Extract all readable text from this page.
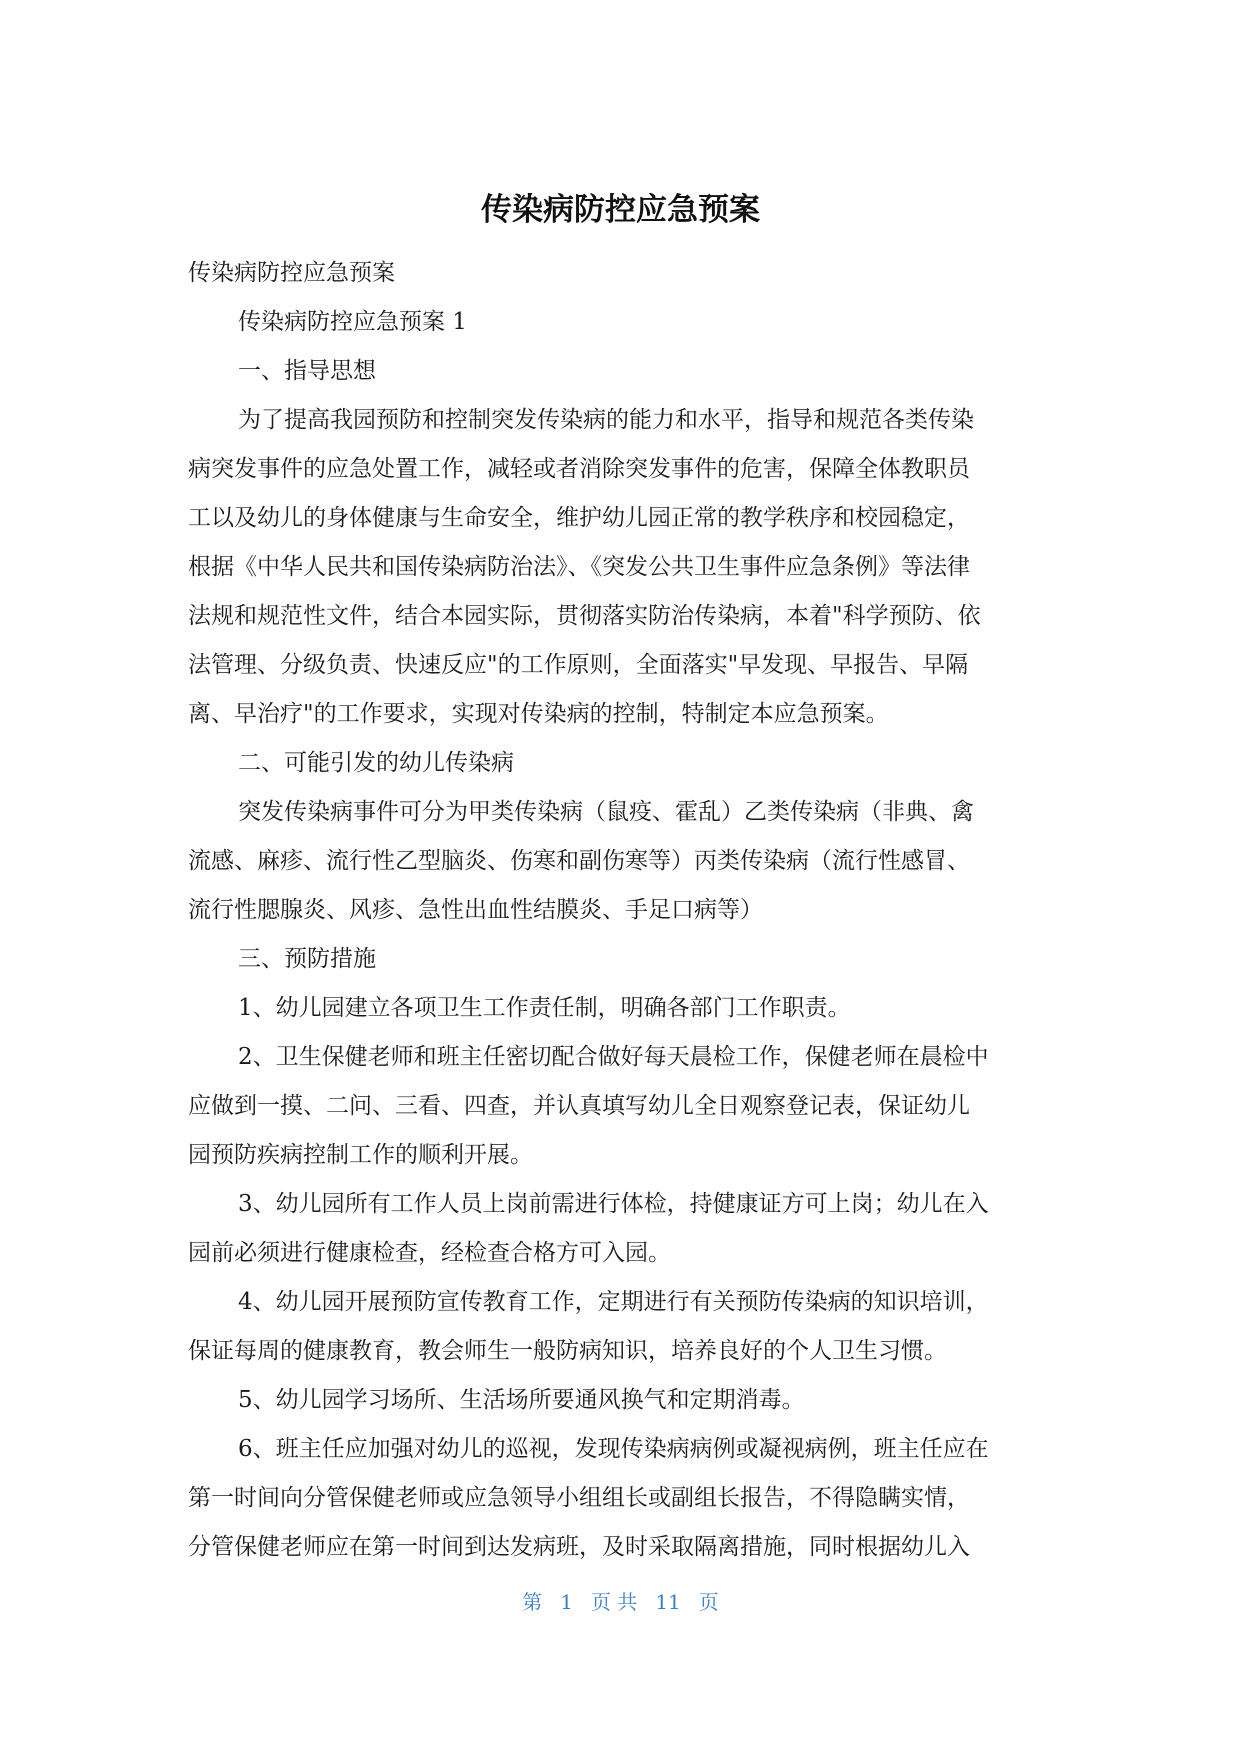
传染病防控应急预案

传染病防控应急预案

传染病防控应急预案 1

一、指导思想

为了提高我园预防和控制突发传染病的能力和水平，指导和规范各类传染

病突发事件的应急处置工作，减轻或者消除突发事件的危害，保障全体教职员

工以及幼儿的身体健康与生命安全，维护幼儿园正常的教学秩序和校园稳定，

根据《中华人民共和国传染病防治法》、《突发公共卫生事件应急条例》等法律

法规和规范性文件，结合本园实际，贯彻落实防治传染病，本着"科学预防、依

法管理、分级负责、快速反应"的工作原则，全面落实"早发现、早报告、早隔

离、早治疗"的工作要求，实现对传染病的控制，特制定本应急预案。

二、可能引发的幼儿传染病

突发传染病事件可分为甲类传染病（鼠疫、霍乱）乙类传染病（非典、禽

流感、麻疹、流行性乙型脑炎、伤寒和副伤寒等）丙类传染病（流行性感冒、

流行性腮腺炎、风疹、急性出血性结膜炎、手足口病等）

三、预防措施

1、幼儿园建立各项卫生工作责任制，明确各部门工作职责。

2、卫生保健老师和班主任密切配合做好每天晨检工作，保健老师在晨检中

应做到一摸、二问、三看、四查，并认真填写幼儿全日观察登记表，保证幼儿

园预防疾病控制工作的顺利开展。

3、幼儿园所有工作人员上岗前需进行体检，持健康证方可上岗；幼儿在入

园前必须进行健康检查，经检查合格方可入园。

4、幼儿园开展预防宣传教育工作，定期进行有关预防传染病的知识培训，

保证每周的健康教育，教会师生一般防病知识，培养良好的个人卫生习惯。

5、幼儿园学习场所、生活场所要通风换气和定期消毒。

6、班主任应加强对幼儿的巡视，发现传染病病例或凝视病例，班主任应在

第一时间向分管保健老师或应急领导小组组长或副组长报告，不得隐瞒实情，

分管保健老师应在第一时间到达发病班，及时采取隔离措施，同时根据幼儿入

第 1 页 共 11 页
